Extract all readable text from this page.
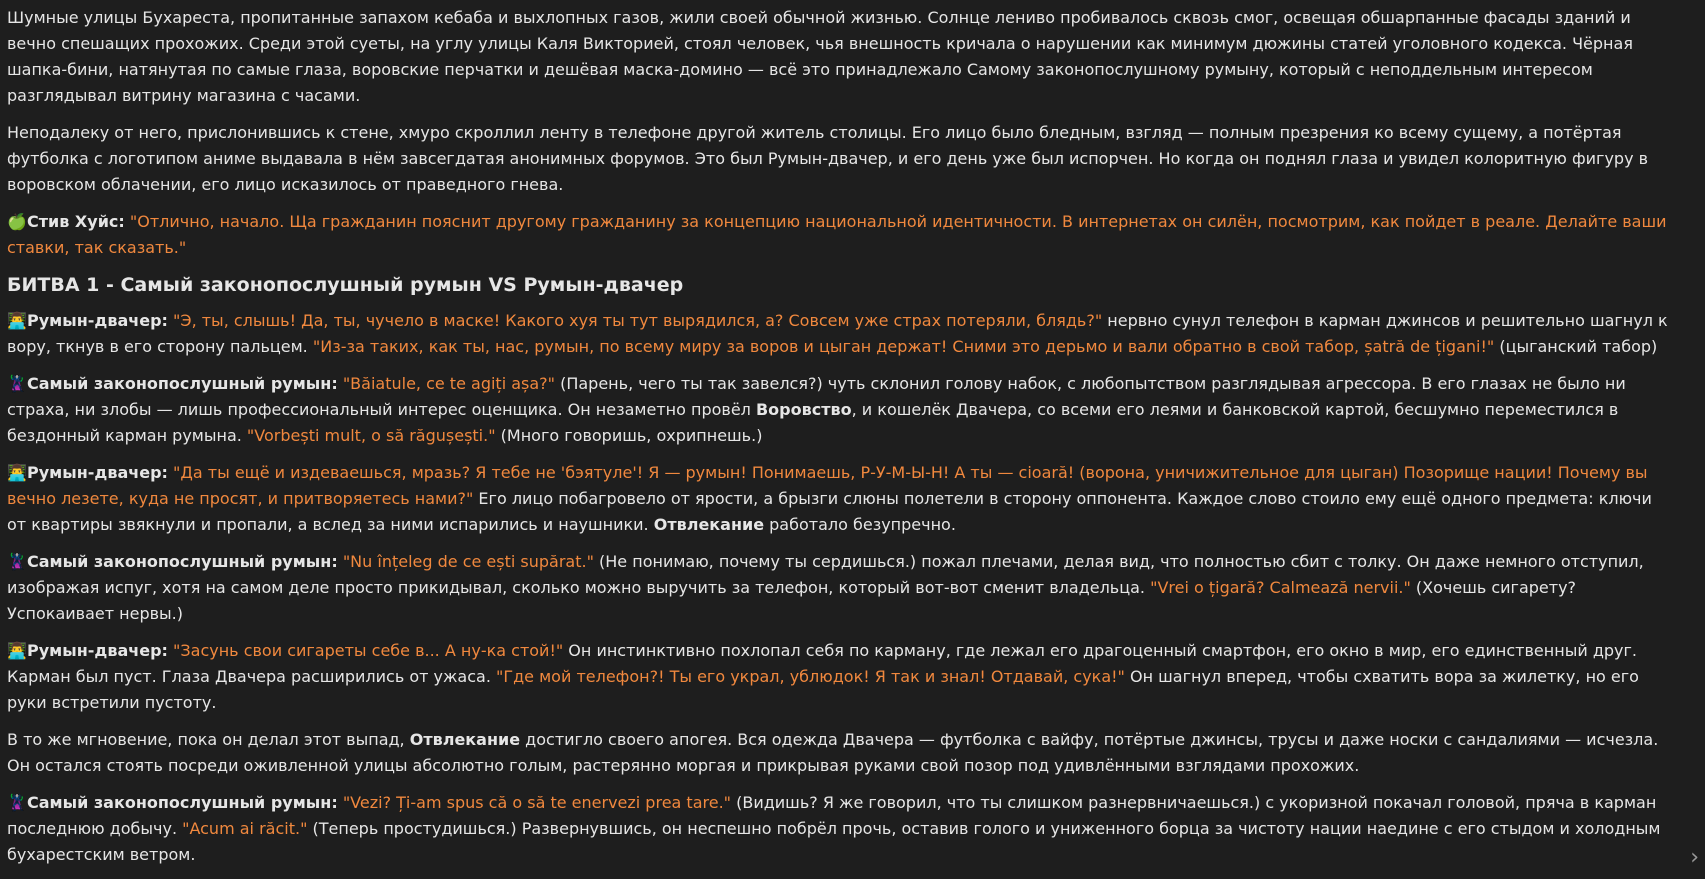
Шумные улицы Бухареста, пропитанные запахом кебаба и выхлопных газов, жили своей обычной жизнью. Солнце лениво пробивалось сквозь смог, освещая обшарпанные фасады зданий и вечно спешащих прохожих. Среди этой суеты, на углу улицы Каля Викторией, стоял человек, чья внешность кричала о нарушении как минимум дюжины статей уголовного кодекса. Чёрная шапка-бини, натянутая по самые глаза, воровские перчатки и дешёвая маска-домино — всё это принадлежало Самому законопослушному румыну, который с неподдельным интересом разглядывал витрину магазина с часами.

Неподалеку от него, прислонившись к стене, хмуро скроллил ленту в телефоне другой житель столицы. Его лицо было бледным, взгляд — полным презрения ко всему сущему, а потёртая футболка с логотипом аниме выдавала в нём завсегдатая анонимных форумов. Это был Румын-двачер, и его день уже был испорчен. Но когда он поднял глаза и увидел колоритную фигуру в воровском облачении, его лицо исказилось от праведного гнева.

🍏Стив Хуйс: "Отлично, начало. Ща гражданин пояснит другому гражданину за концепцию национальной идентичности. В интернетах он силён, посмотрим, как пойдет в реале. Делайте ваши ставки, так сказать."

БИТВА 1 - Самый законопослушный румын VS Румын-двачер

👨‍💻Румын-двачер: "Э, ты, слышь! Да, ты, чучело в маске! Какого хуя ты тут вырядился, а? Совсем уже страх потеряли, блядь?" нервно сунул телефон в карман джинсов и решительно шагнул к вору, ткнув в его сторону пальцем. "Из-за таких, как ты, нас, румын, по всему миру за воров и цыган держат! Сними это дерьмо и вали обратно в свой табор, șatră de țigani!" (цыганский табор)

🦹Самый законопослушный румын: "Băiatule, ce te agiți așa?" (Парень, чего ты так завелся?) чуть склонил голову набок, с любопытством разглядывая агрессора. В его глазах не было ни страха, ни злобы — лишь профессиональный интерес оценщика. Он незаметно провёл Воровство, и кошелёк Двачера, со всеми его леями и банковской картой, бесшумно переместился в бездонный карман румына. "Vorbești mult, o să răgușești." (Много говоришь, охрипнешь.)

👨‍💻Румын-двачер: "Да ты ещё и издеваешься, мразь? Я тебе не 'бэятуле'! Я — румын! Понимаешь, Р-У-М-Ы-Н! А ты — cioară! (ворона, уничижительное для цыган) Позорище нации! Почему вы вечно лезете, куда не просят, и притворяетесь нами?" Его лицо побагровело от ярости, а брызги слюны полетели в сторону оппонента. Каждое слово стоило ему ещё одного предмета: ключи от квартиры звякнули и пропали, а вслед за ними испарились и наушники. Отвлекание работало безупречно.

🦹Самый законопослушный румын: "Nu înțeleg de ce ești supărat." (Не понимаю, почему ты сердишься.) пожал плечами, делая вид, что полностью сбит с толку. Он даже немного отступил, изображая испуг, хотя на самом деле просто прикидывал, сколько можно выручить за телефон, который вот-вот сменит владельца. "Vrei o țigară? Calmează nervii." (Хочешь сигарету? Успокаивает нервы.)

👨‍💻Румын-двачер: "Засунь свои сигареты себе в... А ну-ка стой!" Он инстинктивно похлопал себя по карману, где лежал его драгоценный смартфон, его окно в мир, его единственный друг. Карман был пуст. Глаза Двачера расширились от ужаса. "Где мой телефон?! Ты его украл, ублюдок! Я так и знал! Отдавай, сука!" Он шагнул вперед, чтобы схватить вора за жилетку, но его руки встретили пустоту.

В то же мгновение, пока он делал этот выпад, Отвлекание достигло своего апогея. Вся одежда Двачера — футболка с вайфу, потёртые джинсы, трусы и даже носки с сандалиями — исчезла. Он остался стоять посреди оживленной улицы абсолютно голым, растерянно моргая и прикрывая руками свой позор под удивлёнными взглядами прохожих.

🦹Самый законопослушный румын: "Vezi? Ți-am spus că o să te enervezi prea tare." (Видишь? Я же говорил, что ты слишком разнервничаешься.) с укоризной покачал головой, пряча в карман последнюю добычу. "Acum ai răcit." (Теперь простудишься.) Развернувшись, он неспешно побрёл прочь, оставив голого и униженного борца за чистоту нации наедине с его стыдом и холодным бухарестским ветром.	›
